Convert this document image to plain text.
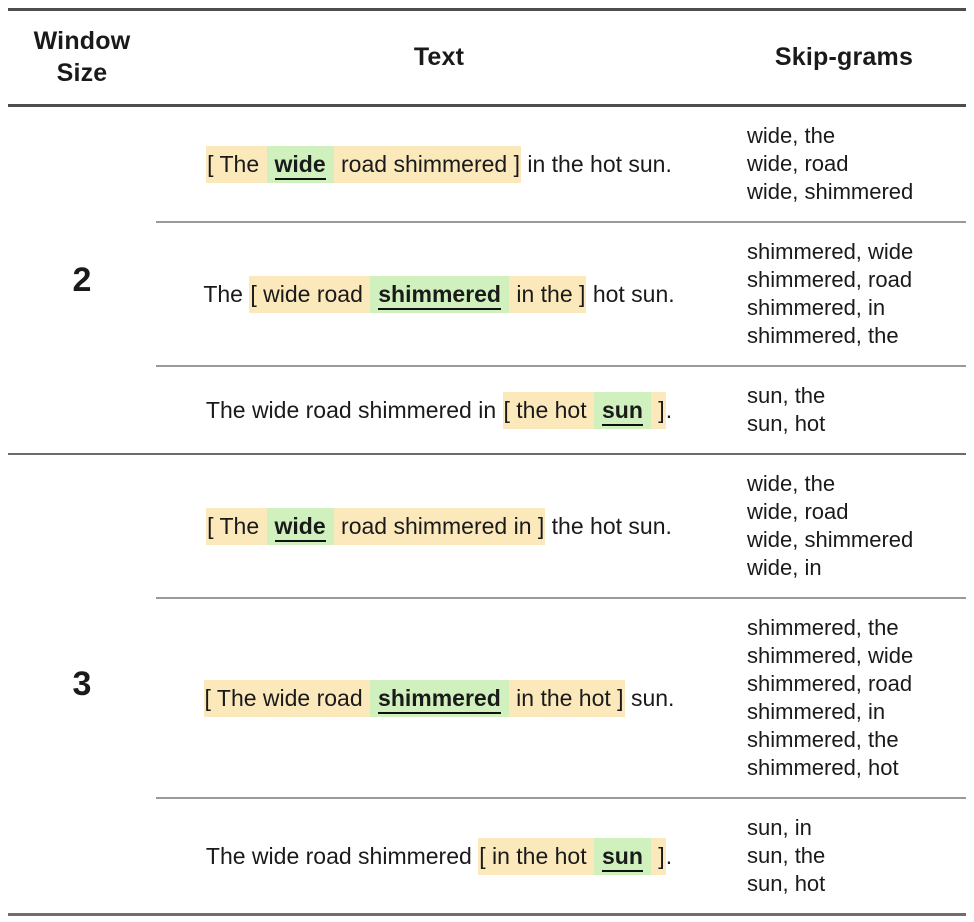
Window Size
Text	Skip-grams
2
[ The wide road shimmered ] in the hot sun.
wide, the
wide, road
wide, shimmered
The [ wide road shimmered in the ] hot sun.
shimmered, wide
shimmered, road
shimmered, in
shimmered, the
The wide road shimmered in [ the hot sun ] .
sun, the
sun, hot
3
[ The wide road shimmered in ] the hot sun.
wide, the
wide, road
wide, shimmered
wide, in
[ The wide road shimmered in the hot ] sun.
shimmered, the
shimmered, wide
shimmered, road
shimmered, in
shimmered, the
shimmered, hot
The wide road shimmered [ in the hot sun ] .
sun, in
sun, the
sun, hot
